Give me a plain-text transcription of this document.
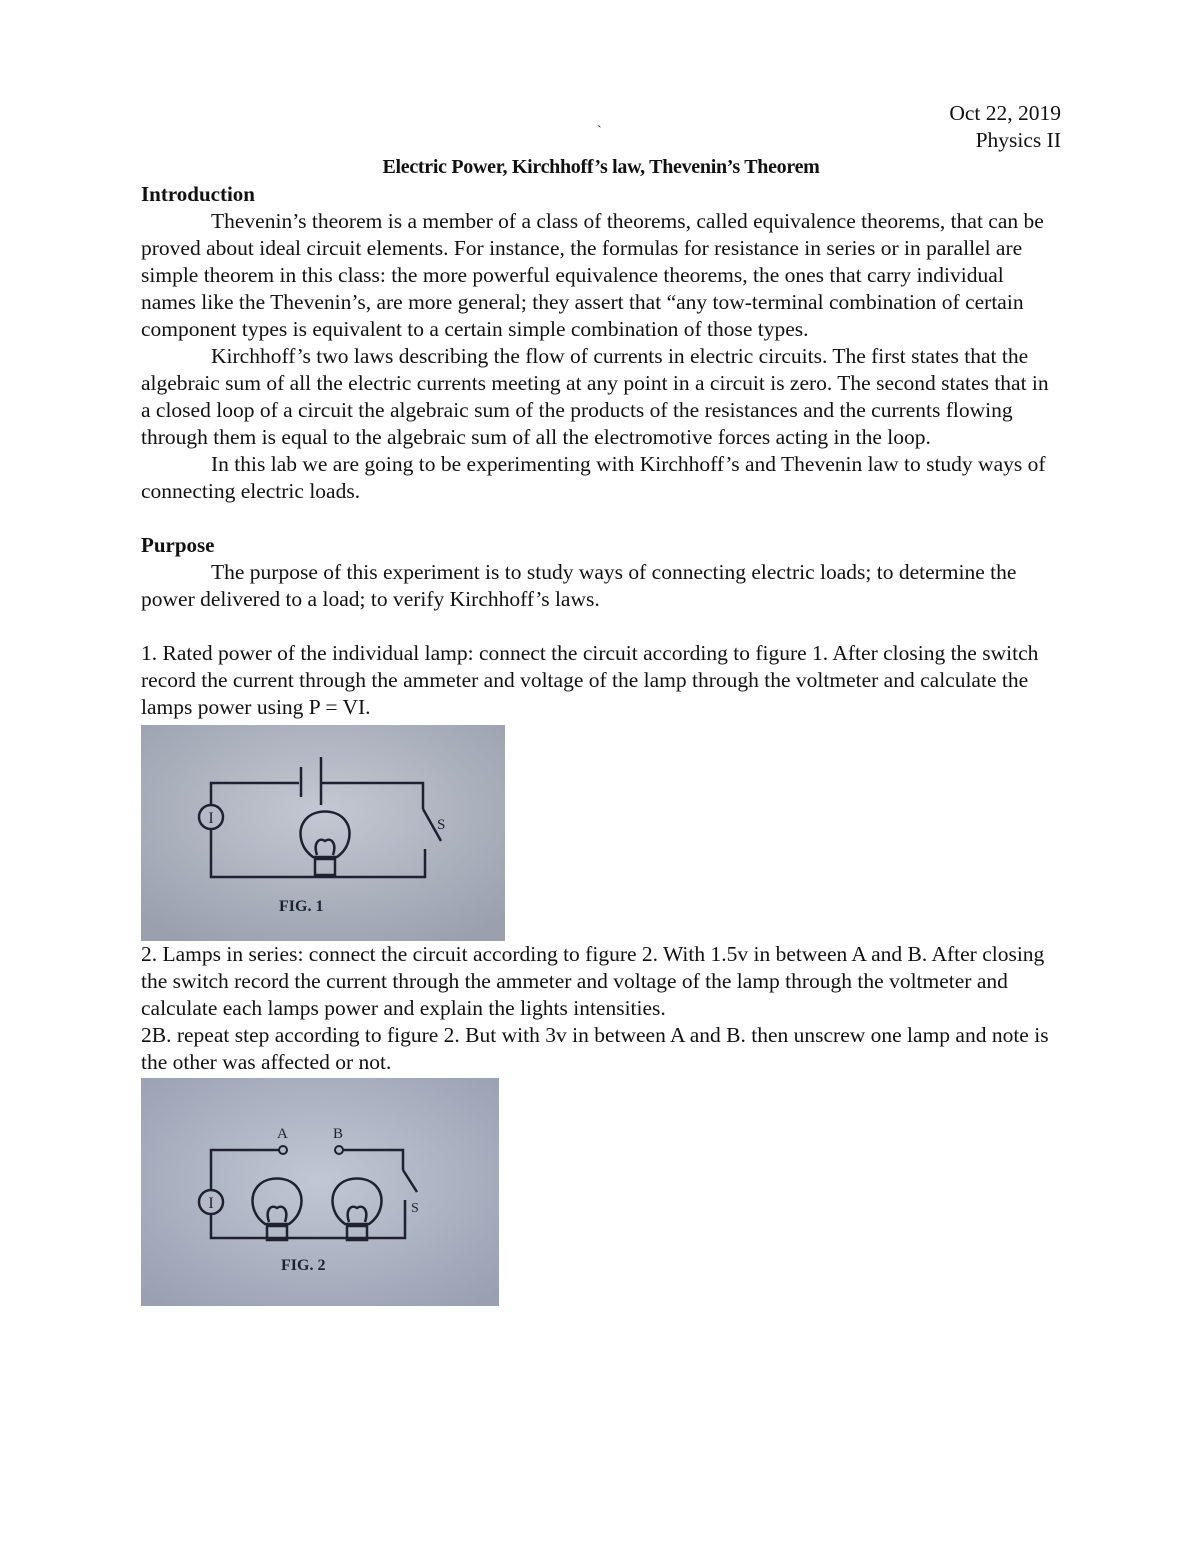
`
Oct 22, 2019
Physics II
Electric Power, Kirchhoff’s law, Thevenin’s Theorem
Introduction

Thevenin’s theorem is a member of a class of theorems, called equivalence theorems, that can be proved about ideal circuit elements. For instance, the formulas for resistance in series or in parallel are simple theorem in this class: the more powerful equivalence theorems, the ones that carry individual names like the Thevenin’s, are more general; they assert that “any tow-terminal combination of certain component types is equivalent to a certain simple combination of those types.

Kirchhoff’s two laws describing the flow of currents in electric circuits. The first states that the algebraic sum of all the electric currents meeting at any point in a circuit is zero. The second states that in a closed loop of a circuit the algebraic sum of the products of the resistances and the currents flowing through them is equal to the algebraic sum of all the electromotive forces acting in the loop.

In this lab we are going to be experimenting with Kirchhoff’s and Thevenin law to study ways of connecting electric loads.

Purpose

The purpose of this experiment is to study ways of connecting electric loads; to determine the power delivered to a load; to verify Kirchhoff’s laws.

1. Rated power of the individual lamp: connect the circuit according to figure 1. After closing the switch record the current through the ammeter and voltage of the lamp through the voltmeter and calculate the lamps power using P = VI.

I	S
FIG. 1

2. Lamps in series: connect the circuit according to figure 2. With 1.5v in between A and B. After closing the switch record the current through the ammeter and voltage of the lamp through the voltmeter and calculate each lamps power and explain the lights intensities.

2B. repeat step according to figure 2. But with 3v in between A and B. then unscrew one lamp and note is the other was affected or not.

I
A	B
S
FIG. 2
